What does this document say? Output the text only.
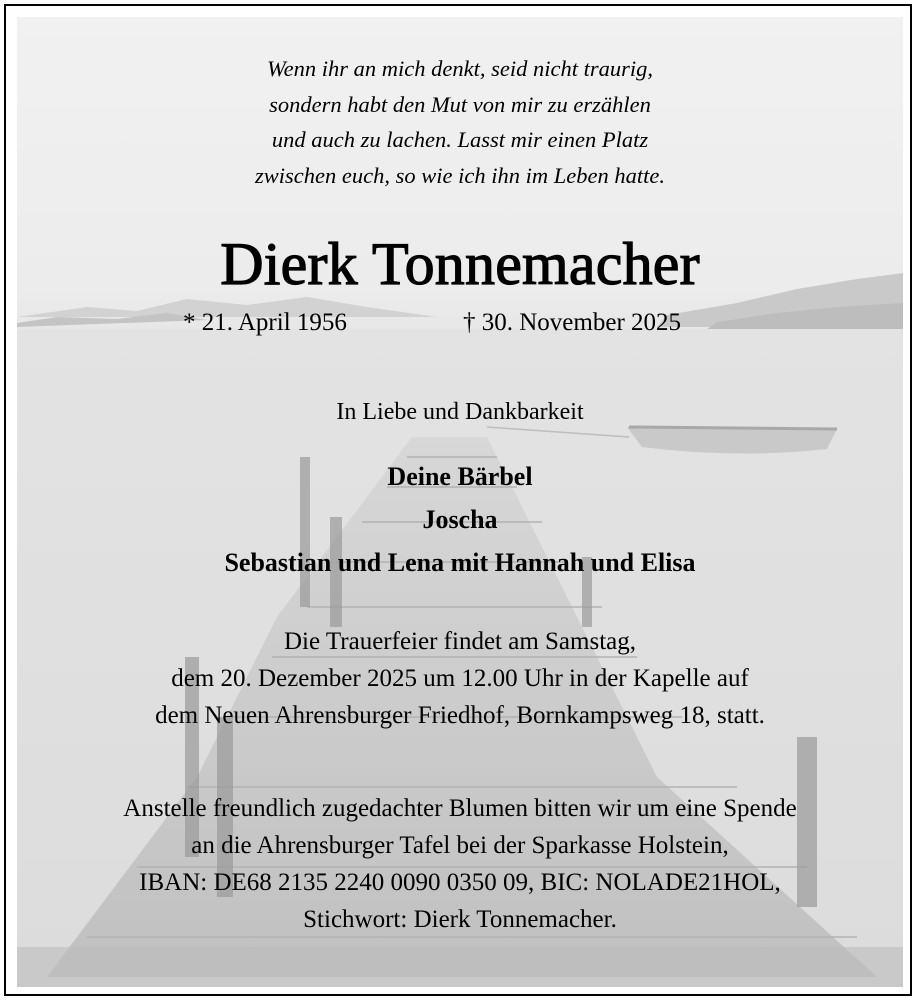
Wenn ihr an mich denkt, seid nicht traurig,
sondern habt den Mut von mir zu erzählen
und auch zu lachen. Lasst mir einen Platz
zwischen euch, so wie ich ihn im Leben hatte.
Dierk Tonnemacher
* 21. April 1956	† 30. November 2025
In Liebe und Dankbarkeit
Deine Bärbel
Joscha
Sebastian und Lena mit Hannah und Elisa
Die Trauerfeier findet am Samstag,
dem 20. Dezember 2025 um 12.00 Uhr in der Kapelle auf
dem Neuen Ahrensburger Friedhof, Bornkampsweg 18, statt.
Anstelle freundlich zugedachter Blumen bitten wir um eine Spende
an die Ahrensburger Tafel bei der Sparkasse Holstein,
IBAN: DE68 2135 2240 0090 0350 09, BIC: NOLADE21HOL,
Stichwort: Dierk Tonnemacher.
